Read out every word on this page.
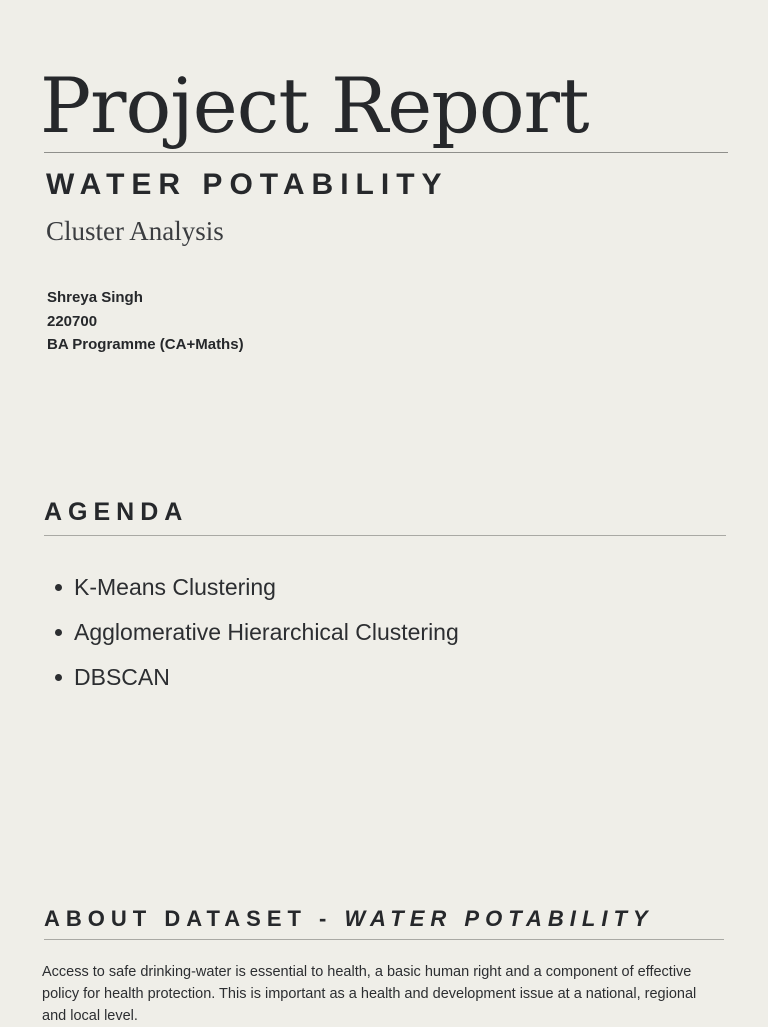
Project Report
WATER POTABILITY
Cluster Analysis
Shreya Singh
220700
BA Programme (CA+Maths)
AGENDA
K-Means Clustering
Agglomerative Hierarchical Clustering
DBSCAN
ABOUT DATASET - WATER POTABILITY
Access to safe drinking-water is essential to health, a basic human right and a component of effective policy for health protection. This is important as a health and development issue at a national, regional and local level.
